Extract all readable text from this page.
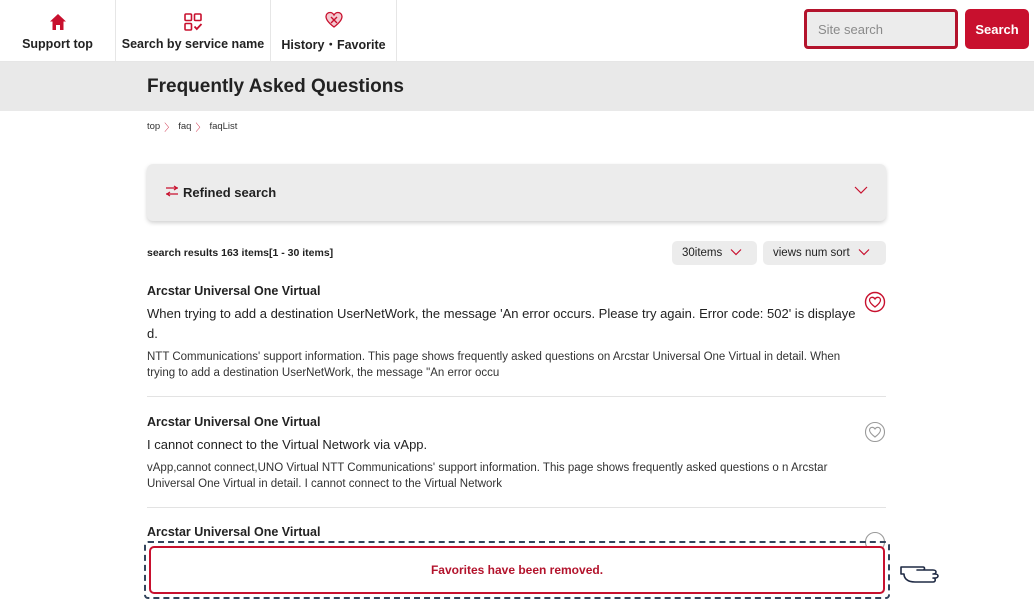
Support top Search by service name History・Favorite
Site search
Search
Frequently Asked Questions
top 〉 faq 〉 faqList
Refined search
search results 163 items[1 - 30 items]	30items	views num sort
Arcstar Universal One Virtual
When trying to add a destination UserNetWork, the message 'An error occurs. Please try again. Error code: 502' is displaye d.
NTT Communications' support information. This page shows frequently asked questions on Arcstar Universal One Virtual in detail. When trying to add a destination UserNetWork, the message "An error occu
Arcstar Universal One Virtual
I cannot connect to the Virtual Network via vApp.
vApp,cannot connect,UNO Virtual NTT Communications' support information. This page shows frequently asked questions o n Arcstar Universal One Virtual in detail. I cannot connect to the Virtual Network
Arcstar Universal One Virtual
Favorites have been removed.
